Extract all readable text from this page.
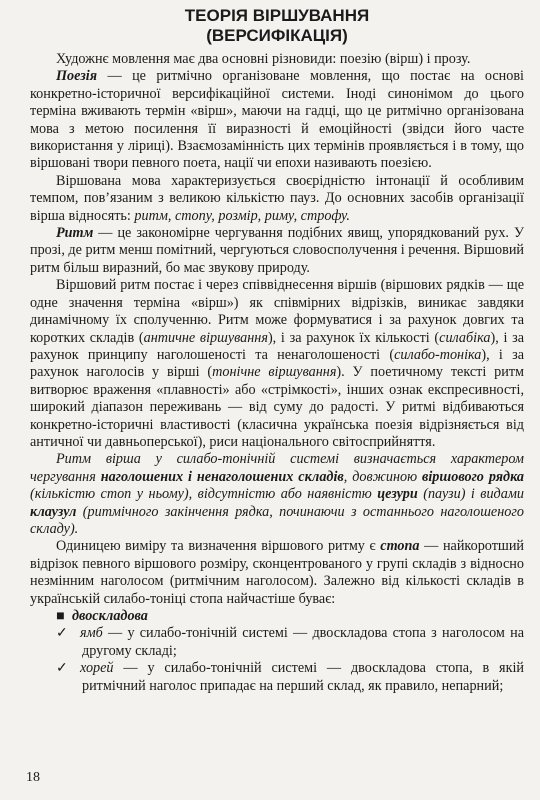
ТЕОРІЯ ВІРШУВАННЯ
(ВЕРСИФІКАЦІЯ)

Художнє мовлення має два основні різновиди: поезію (вірш) і прозу.

Поезія — це ритмічно організоване мовлення, що постає на основі конкретно-історичної версифікаційної системи. Іноді синонімом до цього терміна вживають термін «вірш», маючи на гадці, що це ритмічно організована мова з метою посилення її виразності й емоційності (звідси його часте використання у ліриці). Взаємозамінність цих термінів проявляється і в тому, що віршовані твори певного поета, нації чи епохи називають поезією.

Віршована мова характеризується своєрідністю інтонації й особливим темпом, пов’язаним з великою кількістю пауз. До основних засобів організації вірша відносять: ритм, стопу, розмір, риму, строфу.

Ритм — це закономірне чергування подібних явищ, упорядкований рух. У прозі, де ритм менш помітний, чергуються словосполучення і речення. Віршовий ритм більш виразний, бо має звукову природу.

Віршовий ритм постає і через співвіднесення віршів (віршових рядків — ще одне значення терміна «вірш») як співмірних відрізків, виникає завдяки динамічному їх сполученню. Ритм може формуватися і за рахунок довгих та коротких складів (античне віршування), і за рахунок їх кількості (силабіка), і за рахунок принципу наголошеності та ненаголошеності (силабо-тоніка), і за рахунок наголосів у вірші (тонічне віршування). У поетичному тексті ритм витворює враження «плавності» або «стрімкості», інших ознак експресивності, широкий діапазон переживань — від суму до радості. У ритмі відбиваються конкретно-історичні властивості (класична українська поезія відрізняється від античної чи давньоперської), риси національного світосприйняття.

Ритм вірша у силабо-тонічній системі визначається характером чергування наголошених і ненаголошених складів, довжиною віршового рядка (кількістю стоп у ньому), відсутністю або наявністю цезури (паузи) і видами клаузул (ритмічного закінчення рядка, починаючи з останнього наголошеного складу).

Одиницею виміру та визначення віршового ритму є стопа — найкоротший відрізок певного віршового розміру, сконцентрованого у групі складів з відносно незмінним наголосом (ритмічним наголосом). Залежно від кількості складів в українській силабо-тоніці стопа найчастіше буває:

■ двоскладова
✓ ямб — у силабо-тонічній системі — двоскладова стопа з наголосом на другому складі;
✓ хорей — у силабо-тонічній системі — двоскладова стопа, в якій ритмічний наголос припадає на перший склад, як правило, непарний;
18
